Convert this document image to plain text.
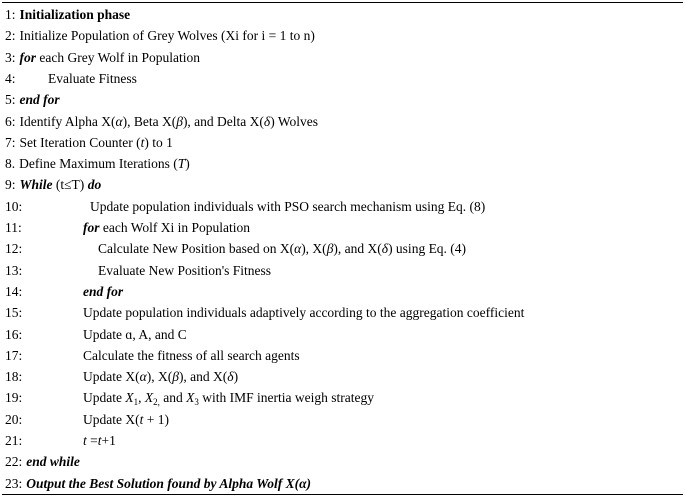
1: Initialization phase
2: Initialize Population of Grey Wolves (Xi for i = 1 to n)
3: for each Grey Wolf in Population
4: Evaluate Fitness
5: end for
6: Identify Alpha X(α), Beta X(β), and Delta X(δ) Wolves
7: Set Iteration Counter (t) to 1
8. Define Maximum Iterations (T)
9: While (t≤T) do
10:	Update population individuals with PSO search mechanism using Eq. (8)
11:	for each Wolf Xi in Population
12:	Calculate New Position based on X(α), X(β), and X(δ) using Eq. (4)
13:	Evaluate New Position's Fitness
14:	end for
15:	Update population individuals adaptively according to the aggregation coefficient
16:	Update ɑ, A, and C
17:	Calculate the fitness of all search agents
18:	Update X(α), X(β), and X(δ)
19:	Update $X_1$, $X_{2,}$ and $X_3$ with IMF inertia weigh strategy
20:	Update X(t + 1)
21:	t =t+1
22: end while
23: Output the Best Solution found by Alpha Wolf X(α)
